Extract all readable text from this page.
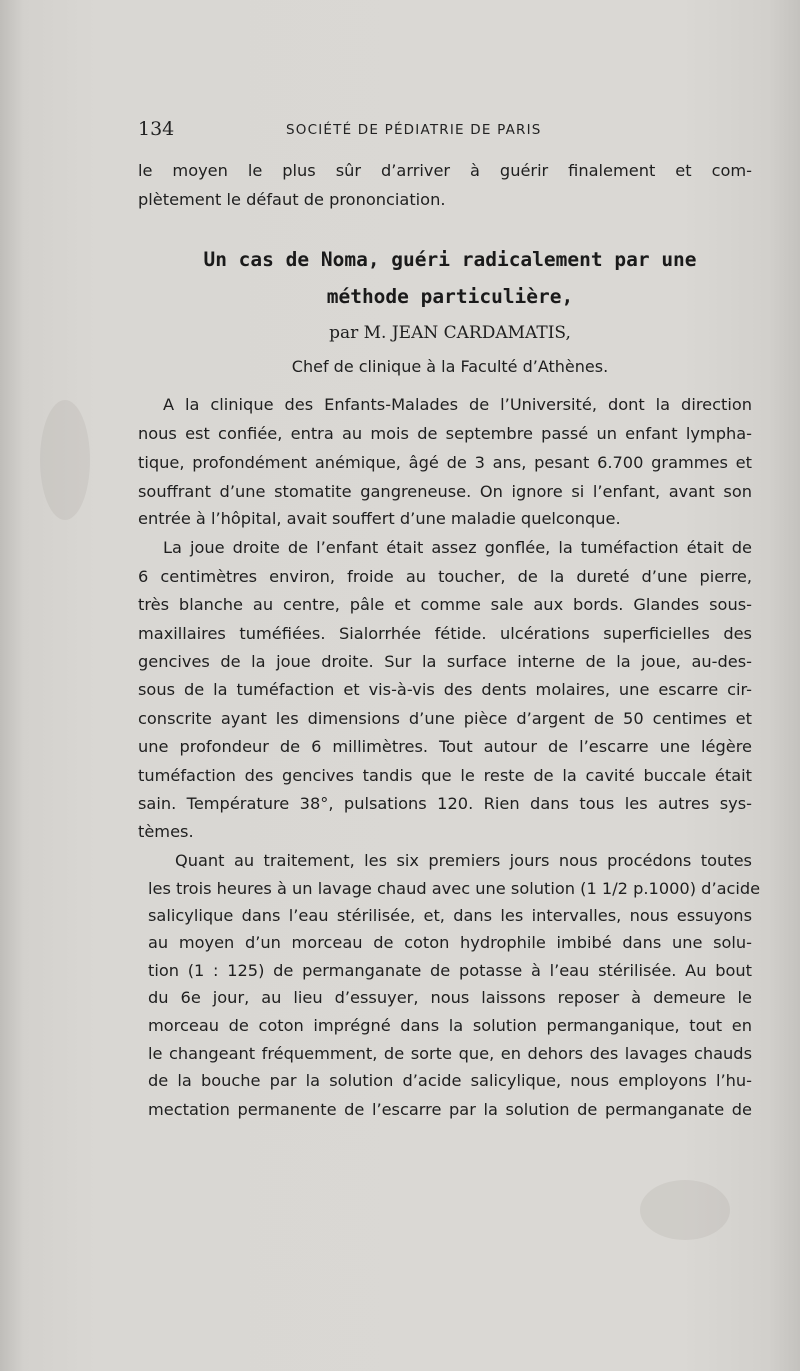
134	SOCIÉTÉ DE PÉDIATRIE DE PARIS
le moyen le plus sûr d’arriver à guérir finalement et com-
plètement le défaut de prononciation.
Un cas de Noma, guéri radicalement par une
méthode particulière,
par M. JEAN CARDAMATIS,
Chef de clinique à la Faculté d’Athènes.
A la clinique des Enfants-Malades de l’Université, dont la direction
nous est confiée, entra au mois de septembre passé un enfant lympha-
tique, profondément anémique, âgé de 3 ans, pesant 6.700 grammes et
souffrant d’une stomatite gangreneuse. On ignore si l’enfant, avant son
entrée à l’hôpital, avait souffert d’une maladie quelconque.
La joue droite de l’enfant était assez gonflée, la tuméfaction était de
6 centimètres environ, froide au toucher, de la dureté d’une pierre,
très blanche au centre, pâle et comme sale aux bords. Glandes sous-
maxillaires tuméfiées. Sialorrhée fétide. ulcérations superficielles des
gencives de la joue droite. Sur la surface interne de la joue, au-des-
sous de la tuméfaction et vis-à-vis des dents molaires, une escarre cir-
conscrite ayant les dimensions d’une pièce d’argent de 50 centimes et
une profondeur de 6 millimètres. Tout autour de l’escarre une légère
tuméfaction des gencives tandis que le reste de la cavité buccale était
sain. Température 38°, pulsations 120. Rien dans tous les autres sys-
tèmes.
Quant au traitement, les six premiers jours nous procédons toutes
les trois heures à un lavage chaud avec une solution (1 1/2 p.1000) d’acide
salicylique dans l’eau stérilisée, et, dans les intervalles, nous essuyons
au moyen d’un morceau de coton hydrophile imbibé dans une solu-
tion (1 : 125) de permanganate de potasse à l’eau stérilisée. Au bout
du 6e jour, au lieu d’essuyer, nous laissons reposer à demeure le
morceau de coton imprégné dans la solution permanganique, tout en
le changeant fréquemment, de sorte que, en dehors des lavages chauds
de la bouche par la solution d’acide salicylique, nous employons l’hu-
mectation permanente de l’escarre par la solution de permanganate de
